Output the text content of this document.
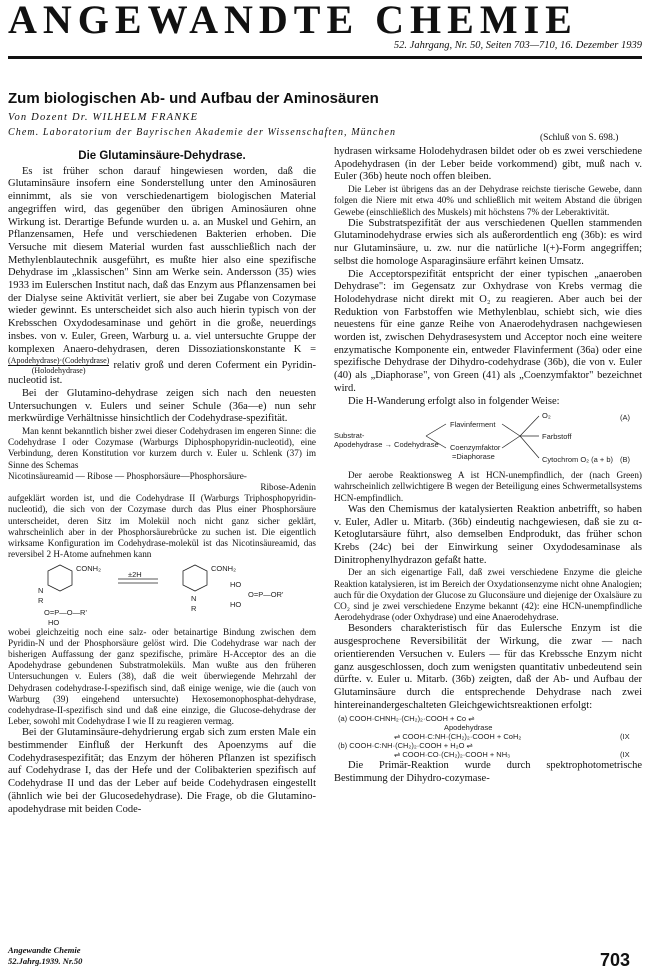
ANGEWANDTE CHEMIE
52. Jahrgang, Nr. 50, Seiten 703—710, 16. Dezember 1939
Zum biologischen Ab- und Aufbau der Aminosäuren
Von Dozent Dr. WILHELM FRANKE
Chem. Laboratorium der Bayrischen Akademie der Wissenschaften, München	(Schluß von S. 698.)

Die Glutaminsäure-Dehydrase.

Es ist früher schon darauf hingewiesen worden, daß die Glutaminsäure insofern eine Sonderstellung unter den Aminosäuren einnimmt, als sie von verschiedenartigem biologischen Material angegriffen wird, das gegenüber den übrigen Aminosäuren ohne Wirkung ist. Derartige Befunde wurden u. a. an Muskel und Gehirn, an Pflanzensamen, Hefe und verschiedenen Bakterien erhoben. Die Versuche mit diesem Material wurden fast ausschließlich nach der Methylenblautechnik ausgeführt, es mußte hier also eine spezifische Dehydrase im „klassischen" Sinn am Werke sein. Andersson (35) wies 1933 im Eulerschen Institut nach, daß das Enzym aus Pflanzensamen bei der Dialyse seine Aktivität verliert, sie aber bei Zugabe von Cozymase wieder gewinnt. Es unterscheidet sich also auch hierin typisch von der Krebsschen Oxydodesaminase und gehört in die große, neuerdings insbes. von v. Euler, Green, Warburg u. a. viel untersuchte Gruppe der komplexen Anaero-dehydrasen, deren Dissoziationskonstante K =
(Apodehydrase)·(Codehydrase)
(Holodehydrase)	relativ groß und deren Coferment ein Pyridin-nucleotid ist.

Bei der Glutamino-dehydrase zeigen sich nach den neuesten Untersuchungen v. Eulers und seiner Schule (36a—e) nun sehr merkwürdige Verhältnisse hinsichtlich der Codehydrase-spezifität.

Man kennt bekanntlich bisher zwei dieser Codehydrasen im engeren Sinne: die Codehydrase I oder Cozymase (Warburgs Diphosphopyridin-nucleotid), eine Verbindung, deren Konstitution vor kurzem durch v. Euler u. Schlenk (37) im Sinne des Schemas

Nicotinsäureamid — Ribose — Phosphorsäure—Phosphorsäure-
Ribose-Adenin

aufgeklärt worden ist, und die Codehydrase II (Warburgs Triphosphopyridin-nucleotid), die sich von der Cozymase durch das Plus einer Phosphorsäure unterscheidet, deren Sitz im Molekül noch nicht ganz sicher geklärt, wahrscheinlich aber in der Phosphorsäurebrücke zu suchen ist. Die eigentlich wirksame Konfiguration im Codehydrase-molekül ist das Nicotinsäureamid, das reversibel 2 H-Atome aufnehmen kann

CONH₂
N
R
O=P—O—R'
HO
±2H
CONH₂
N
R
HO
O=P—OR'
HO

wobei gleichzeitig noch eine salz- oder betainartige Bindung zwischen dem Pyridin-N und der Phosphorsäure gelöst wird. Die Codehydrase war nach der bisherigen Auffassung der ganz spezifische, primäre H-Acceptor des an die Apodehydrase gebundenen Substratmoleküls. Man wußte aus den früheren Untersuchungen v. Eulers (38), daß die weit überwiegende Mehrzahl der Dehydrasen codehydrase-I-spezifisch sind, daß einige wenige, wie die (auch von Warburg (39) eingehend untersuchte) Hexosemonophosphat-dehydrase, codehydrase-II-spezifisch sind und daß eine einzige, die Glucose-dehydrase der Leber, sowohl mit Codehydrase I wie II zu reagieren vermag.

Bei der Glutaminsäure-dehydrierung ergab sich zum ersten Male ein bestimmender Einfluß der Herkunft des Apoenzyms auf die Codehydrasespezifität; das Enzym der höheren Pflanzen ist spezifisch auf Codehydrase I, das der Hefe und der Colibakterien spezifisch auf Codehydrase II und das der Leber auf beide Codehydrasen eingestellt (ähnlich wie bei der Glucosedehydrase). Die Frage, ob die Glutamino-apodehydrase mit beiden Code-

hydrasen wirksame Holodehydrasen bildet oder ob es zwei verschiedene Apodehydrasen (in der Leber beide vorkommend) gibt, muß nach v. Euler (36b) heute noch offen bleiben.

Die Leber ist übrigens das an der Dehydrase reichste tierische Gewebe, dann folgen die Niere mit etwa 40% und schließlich mit weitem Abstand die übrigen Gewebe (einschließlich des Muskels) mit höchstens 7% der Leberaktivität.

Die Substratspezifität der aus verschiedenen Quellen stammenden Glutaminodehydrase erwies sich als außerordentlich eng (36b): es wird nur Glutaminsäure, u. zw. nur die natürliche l(+)-Form angegriffen; selbst die homologe Asparaginsäure erfährt keinen Umsatz.

Die Acceptorspezifität entspricht der einer typischen „anaeroben Dehydrase": im Gegensatz zur Oxhydrase von Krebs vermag die Holodehydrase nicht direkt mit O₂ zu reagieren. Aber auch bei der Reduktion von Farbstoffen wie Methylenblau, schiebt sich, wie dies neuestens für eine ganze Reihe von Anaerodehydrasen nachgewiesen worden ist, zwischen Dehydrasesystem und Acceptor noch eine weitere enzymatische Komponente ein, entweder Flavinferment (36a) oder eine spezifische Dehydrase der Dihydro-codehydrase (36b), die von v. Euler (40) als „Diaphorase", von Green (41) als „Coenzymfaktor" bezeichnet wird.

Die H-Wanderung erfolgt also in folgender Weise:

Substrat-
Apodehydrase → Codehydrase
Flavinferment
Coenzymfaktor
=Diaphorase
O₂
Farbstoff
Cytochrom O₂ (a + b)
(A)
(B)

Der aerobe Reaktionsweg A ist HCN-unempfindlich, der (nach Green) wahrscheinlich zellwichtigere B wegen der Beteiligung eines Schwermetallsystems HCN-empfindlich.

Was den Chemismus der katalysierten Reaktion anbetrifft, so haben v. Euler, Adler u. Mitarb. (36b) eindeutig nachgewiesen, daß sie zu α-Ketoglutarsäure führt, also demselben Endprodukt, das früher schon Krebs (24c) bei der Einwirkung seiner Oxydodesaminase als Dinitrophenylhydrazon gefaßt hatte.

Der an sich eigenartige Fall, daß zwei verschiedene Enzyme die gleiche Reaktion katalysieren, ist im Bereich der Oxydationsenzyme nicht ohne Analogien; auch für die Oxydation der Glucose zu Gluconsäure und diejenige der Oxalsäure zu CO₂ sind je zwei verschiedene Enzyme bekannt (42): eine HCN-unempfindliche Aerodehydrase (oder Oxhydrase) und eine Anaerodehydrase.

Besonders charakteristisch für das Eulersche Enzym ist die ausgesprochene Reversibilität der Wirkung, die zwar — nach orientierenden Versuchen v. Eulers — für das Krebssche Enzym nicht ganz ausgeschlossen, doch zum wenigsten quantitativ unbedeutend sein dürfte. v. Euler u. Mitarb. (36b) zeigten, daß der Ab- und Aufbau der Glutaminsäure durch die entsprechende Dehydrase nach zwei hintereinandergeschalteten Gleichgewichtsreaktionen erfolgt:

(a) COOH·CHNH₂·(CH₂)₂·COOH + Co ⇌
Apodehydrase
⇌ COOH·C:NH·(CH₂)₂·COOH + CoH₂	(IX
(b) COOH·C:NH·(CH₂)₂·COOH + H₂O ⇌
⇌ COOH·CO·(CH₂)₂·COOH + NH₃	(IX

Die Primär-Reaktion wurde durch spektrophotometrische Bestimmung der Dihydro-cozymase-

Angewandte Chemie
52.Jahrg.1939. Nr.50	703
